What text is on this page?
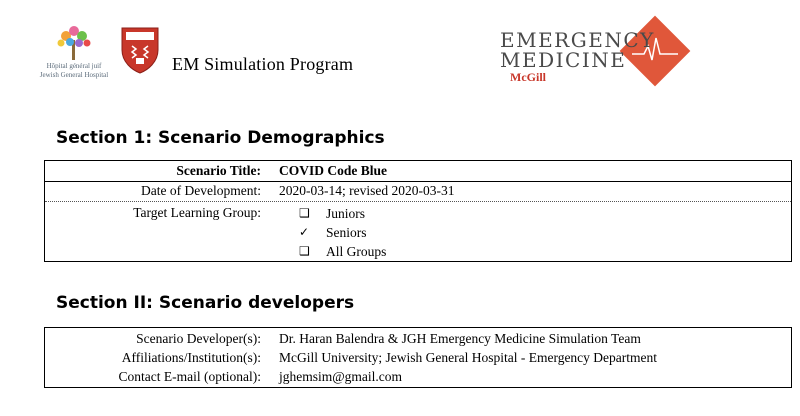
Hôpital général juif
Jewish General Hospital
EM Simulation Program
EMERGENCY
MEDICINE
McGill
Section 1: Scenario Demographics
Scenario Title: COVID Code Blue
Date of Development: 2020-03-14; revised 2020-03-31
Target Learning Group:	❑ Juniors
✓ Seniors
❑ All Groups
Section II: Scenario developers
Scenario Developer(s): Dr. Haran Balendra & JGH Emergency Medicine Simulation Team
Affiliations/Institution(s): McGill University; Jewish General Hospital - Emergency Department
Contact E-mail (optional): jghemsim@gmail.com
